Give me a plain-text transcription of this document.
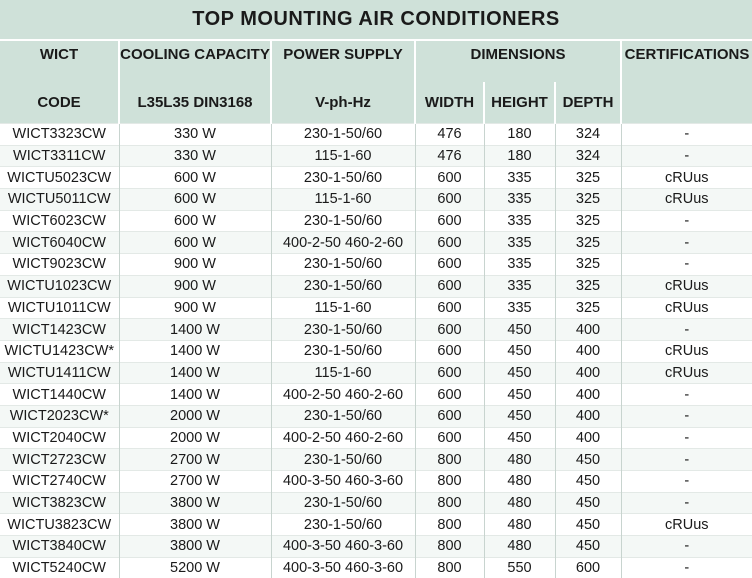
TOP MOUNTING AIR CONDITIONERS
WICT	COOLING CAPACITY	POWER SUPPLY	DIMENSIONS			CERTIFICATIONS
CODE	L35L35 DIN3168	V-ph-Hz	WIDTH	HEIGHT	DEPTH	
WICT3323CW	330 W	230-1-50/60	476	180	324	-
WICT3311CW	330 W	115-1-60	476	180	324	-
WICTU5023CW	600 W	230-1-50/60	600	335	325	cRUus
WICTU5011CW	600 W	115-1-60	600	335	325	cRUus
WICT6023CW	600 W	230-1-50/60	600	335	325	-
WICT6040CW	600 W	400-2-50 460-2-60	600	335	325	-
WICT9023CW	900 W	230-1-50/60	600	335	325	-
WICTU1023CW	900 W	230-1-50/60	600	335	325	cRUus
WICTU1011CW	900 W	115-1-60	600	335	325	cRUus
WICT1423CW	1400 W	230-1-50/60	600	450	400	-
WICTU1423CW*	1400 W	230-1-50/60	600	450	400	cRUus
WICTU1411CW	1400 W	115-1-60	600	450	400	cRUus
WICT1440CW	1400 W	400-2-50 460-2-60	600	450	400	-
WICT2023CW*	2000 W	230-1-50/60	600	450	400	-
WICT2040CW	2000 W	400-2-50 460-2-60	600	450	400	-
WICT2723CW	2700 W	230-1-50/60	800	480	450	-
WICT2740CW	2700 W	400-3-50 460-3-60	800	480	450	-
WICT3823CW	3800 W	230-1-50/60	800	480	450	-
WICTU3823CW	3800 W	230-1-50/60	800	480	450	cRUus
WICT3840CW	3800 W	400-3-50 460-3-60	800	480	450	-
WICT5240CW	5200 W	400-3-50 460-3-60	800	550	600	-
